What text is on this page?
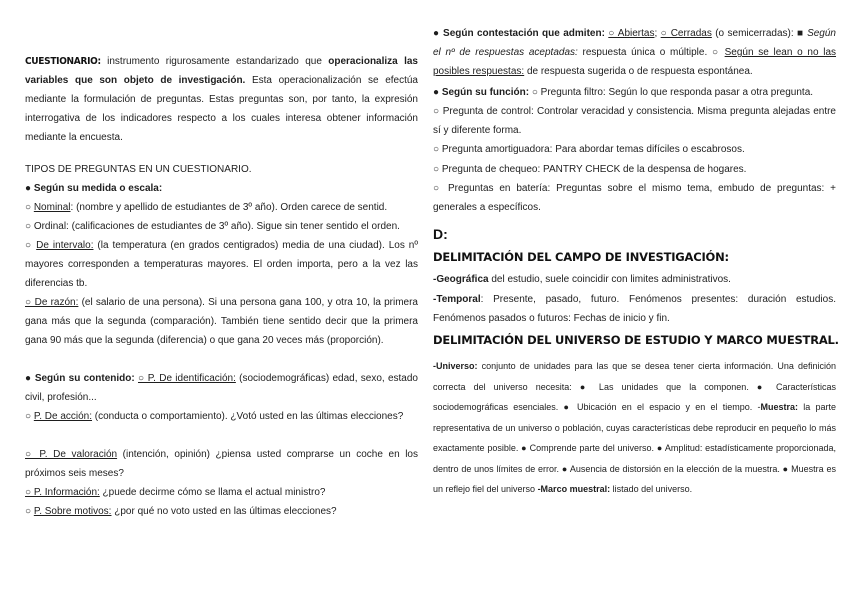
CUESTIONARIO: instrumento rigurosamente estandarizado que operacionaliza las variables que son objeto de investigación. Esta operacionalización se efectúa mediante la formulación de preguntas. Estas preguntas son, por tanto, la expresión interrogativa de los indicadores respecto a los cuales interesa obtener información mediante la encuesta.

TIPOS DE PREGUNTAS EN UN CUESTIONARIO.

● Según su medida o escala:

○ Nominal: (nombre y apellido de estudiantes de 3º año). Orden carece de sentid.

○ Ordinal: (calificaciones de estudiantes de 3º año). Sigue sin tener sentido el orden.

○ De intervalo: (la temperatura (en grados centigrados) media de una ciudad). Los nº mayores corresponden a temperaturas mayores. El orden importa, pero a la vez las diferencias tb.

○ De razón: (el salario de una persona). Si una persona gana 100, y otra 10, la primera gana más que la segunda (comparación). También tiene sentido decir que la primera gana 90 más que la segunda (diferencia) o que gana 20 veces más (proporción).

● Según su contenido: ○ P. De identificación: (sociodemográficas) edad, sexo, estado civil, profesión...

○ P. De acción: (conducta o comportamiento). ¿Votó usted en las últimas elecciones?

○ P. De valoración (intención, opinión) ¿piensa usted comprarse un coche en los próximos seis meses?

○ P. Información: ¿puede decirme cómo se llama el actual ministro?

○ P. Sobre motivos: ¿por qué no voto usted en las últimas elecciones?

● Según contestación que admiten: ○ Abiertas; ○ Cerradas (o semicerradas): ■ Según el nº de respuestas aceptadas: respuesta única o múltiple. ○ Según se lean o no las posibles respuestas: de respuesta sugerida o de respuesta espontánea.

● Según su función: ○ Pregunta filtro: Según lo que responda pasar a otra pregunta.

○ Pregunta de control: Controlar veracidad y consistencia. Misma pregunta alejadas entre sí y diferente forma.

○ Pregunta amortiguadora: Para abordar temas difíciles o escabrosos.

○ Pregunta de chequeo: PANTRY CHECK de la despensa de hogares.

○ Preguntas en batería: Preguntas sobre el mismo tema, embudo de preguntas: + generales a específicos.

D:
DELIMITACIÓN DEL CAMPO DE INVESTIGACIÓN:

-Geográfica del estudio, suele coincidir con limites administrativos.

-Temporal: Presente, pasado, futuro. Fenómenos presentes: duración estudios. Fenómenos pasados o futuros: Fechas de inicio y fin.

DELIMITACIÓN DEL UNIVERSO DE ESTUDIO Y MARCO MUESTRAL.

-Universo: conjunto de unidades para las que se desea tener cierta información. Una definición correcta del universo necesita: ● Las unidades que la componen. ● Características sociodemográficas esenciales. ● Ubicación en el espacio y en el tiempo. -Muestra: la parte representativa de un universo o población, cuyas características debe reproducir en pequeño lo más exactamente posible. ● Comprende parte del universo. ● Amplitud: estadísticamente proporcionada, dentro de unos límites de error. ● Ausencia de distorsión en la elección de la muestra. ● Muestra es un reflejo fiel del universo -Marco muestral: listado del universo.
